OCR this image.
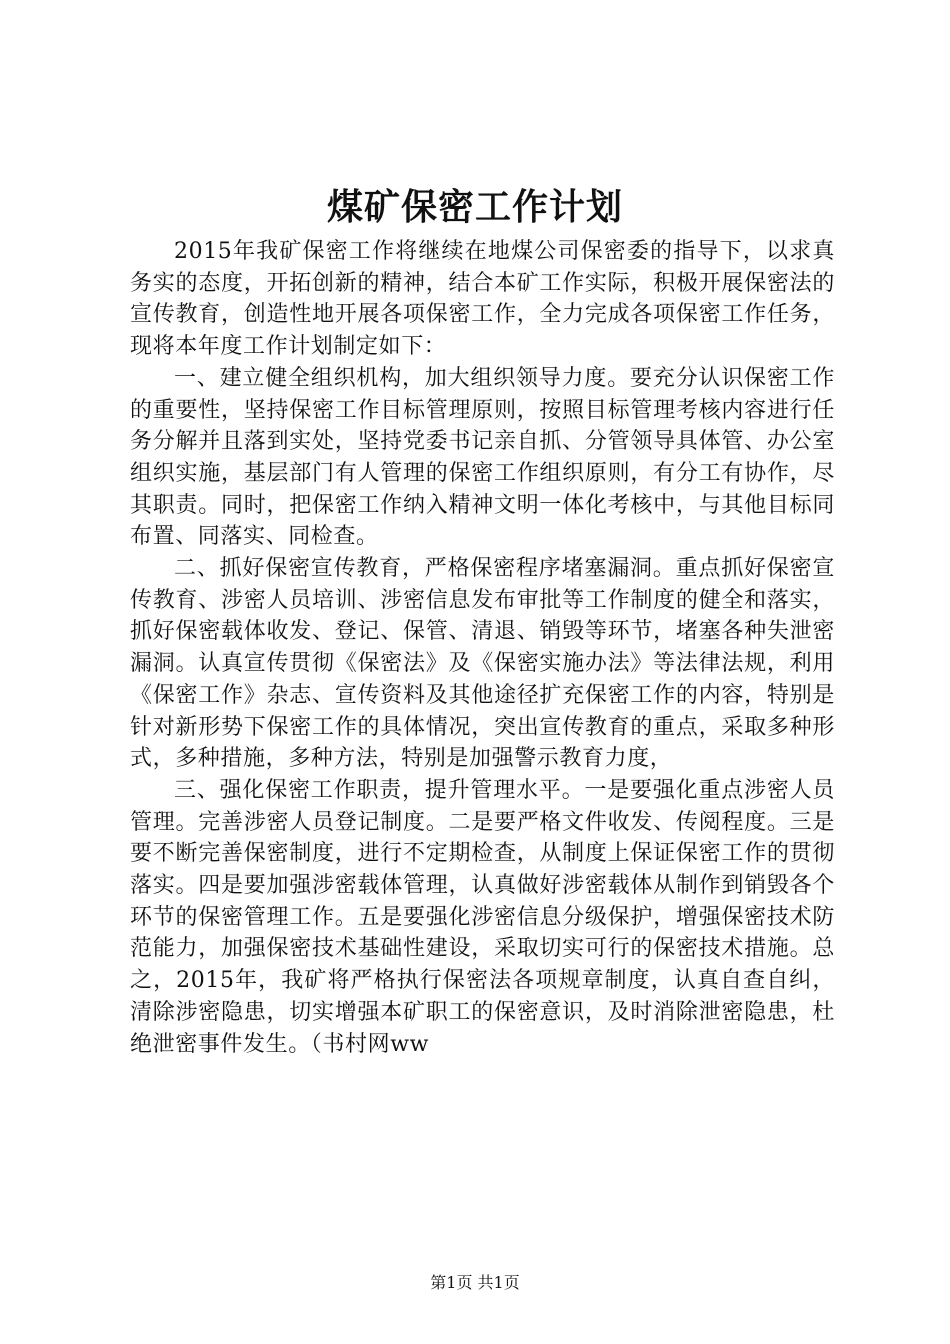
煤矿保密工作计划

2015年我矿保密工作将继续在地煤公司保密委的指导下，以求真务实的态度，开拓创新的精神，结合本矿工作实际，积极开展保密法的宣传教育，创造性地开展各项保密工作，全力完成各项保密工作任务，现将本年度工作计划制定如下：

一、建立健全组织机构，加大组织领导力度。要充分认识保密工作的重要性，坚持保密工作目标管理原则，按照目标管理考核内容进行任务分解并且落到实处，坚持党委书记亲自抓、分管领导具体管、办公室组织实施，基层部门有人管理的保密工作组织原则，有分工有协作，尽其职责。同时，把保密工作纳入精神文明一体化考核中，与其他目标同布置、同落实、同检查。

二、抓好保密宣传教育，严格保密程序堵塞漏洞。重点抓好保密宣传教育、涉密人员培训、涉密信息发布审批等工作制度的健全和落实，抓好保密载体收发、登记、保管、清退、销毁等环节，堵塞各种失泄密漏洞。认真宣传贯彻《保密法》及《保密实施办法》等法律法规，利用《保密工作》杂志、宣传资料及其他途径扩充保密工作的内容，特别是针对新形势下保密工作的具体情况，突出宣传教育的重点，采取多种形式，多种措施，多种方法，特别是加强警示教育力度，

三、强化保密工作职责，提升管理水平。一是要强化重点涉密人员管理。完善涉密人员登记制度。二是要严格文件收发、传阅程度。三是要不断完善保密制度，进行不定期检查，从制度上保证保密工作的贯彻落实。四是要加强涉密载体管理，认真做好涉密载体从制作到销毁各个环节的保密管理工作。五是要强化涉密信息分级保护，增强保密技术防范能力，加强保密技术基础性建设，采取切实可行的保密技术措施。总之，2015年，我矿将严格执行保密法各项规章制度，认真自查自纠，清除涉密隐患，切实增强本矿职工的保密意识，及时消除泄密隐患，杜绝泄密事件发生。（书村网ww

第1页 共1页
